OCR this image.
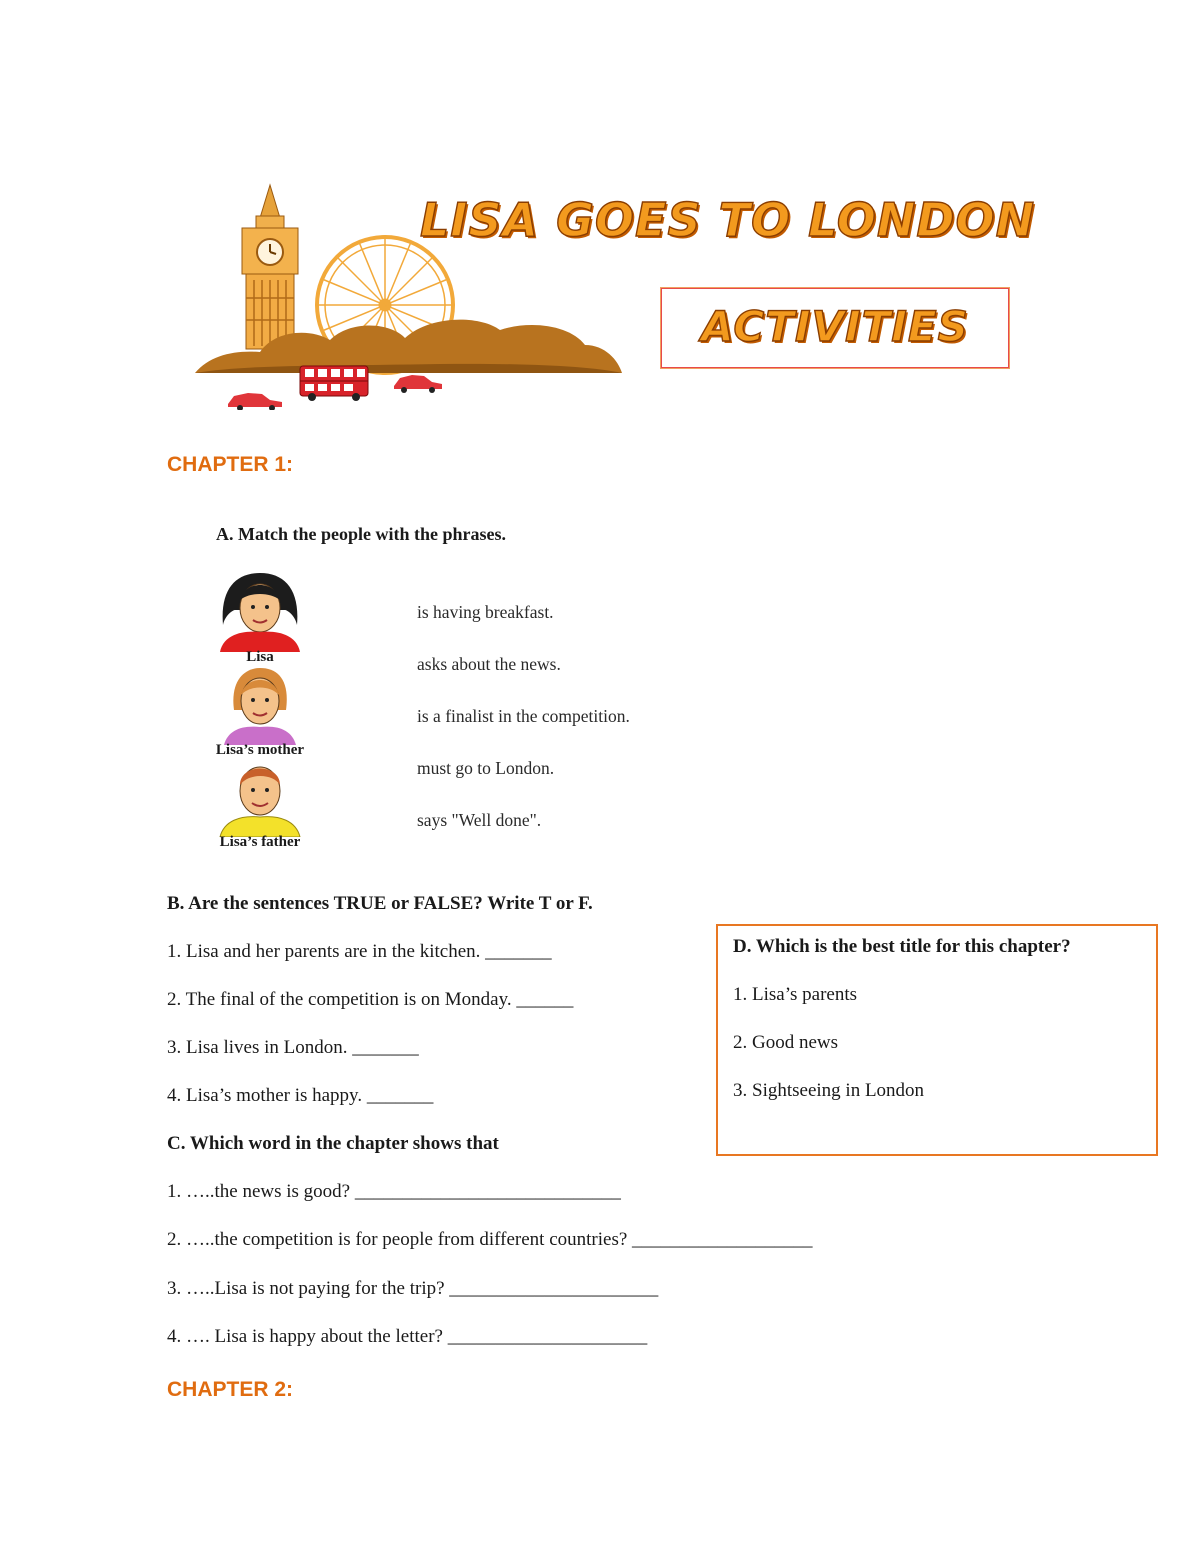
LISA GOES TO LONDON
ACTIVITIES
CHAPTER 1:
A. Match the people with the phrases.
Lisa
Lisa’s mother
Lisa’s father
is having breakfast.
asks about the news.
is a finalist in the competition.
must go to London.
says "Well done".
B. Are the sentences TRUE or FALSE? Write T or F.
1. Lisa and her parents are in the kitchen. _______
2. The final of the competition is on Monday. ______
3. Lisa lives in London. _______
4. Lisa’s mother is happy. _______
C. Which word in the chapter shows that
1. …..the news is good? ____________________________
2. …..the competition is for people from different countries? ___________________
3. …..Lisa is not paying for the trip? ______________________
4. …. Lisa is happy about the letter? _____________________
D. Which is the best title for this chapter?
1. Lisa’s parents
2. Good news
3. Sightseeing in London
CHAPTER 2:
